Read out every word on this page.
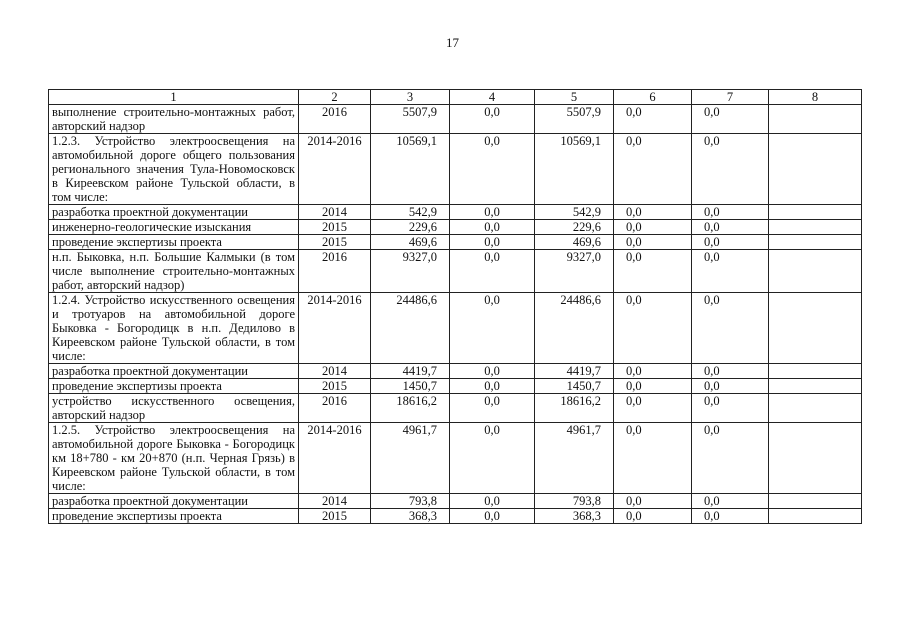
17
1	2	3	4	5	6	7	8
выполнение строительно-монтажных работ, авторский надзор	2016	5507,9	0,0	5507,9	0,0	0,0	
1.2.3. Устройство электроосвещения на автомобильной дороге общего пользования регионального значения Тула-Новомосковск в Киреевском районе Тульской области, в том числе:	2014-2016	10569,1	0,0	10569,1	0,0	0,0	
разработка проектной документации	2014	542,9	0,0	542,9	0,0	0,0	
инженерно-геологические изыскания	2015	229,6	0,0	229,6	0,0	0,0	
проведение экспертизы проекта	2015	469,6	0,0	469,6	0,0	0,0	
н.п. Быковка, н.п. Большие Калмыки (в том числе выполнение строительно-монтажных работ, авторский надзор)	2016	9327,0	0,0	9327,0	0,0	0,0	
1.2.4. Устройство искусственного освещения и тротуаров на автомобильной дороге Быковка - Богородицк в н.п. Дедилово в Киреевском районе Тульской области, в том числе:	2014-2016	24486,6	0,0	24486,6	0,0	0,0	
разработка проектной документации	2014	4419,7	0,0	4419,7	0,0	0,0	
проведение экспертизы проекта	2015	1450,7	0,0	1450,7	0,0	0,0	
устройство искусственного освещения, авторский надзор	2016	18616,2	0,0	18616,2	0,0	0,0	
1.2.5. Устройство электроосвещения на автомобильной дороге Быковка - Богородицк км 18+780 - км 20+870 (н.п. Черная Грязь) в Киреевском районе Тульской области, в том числе:	2014-2016	4961,7	0,0	4961,7	0,0	0,0	
разработка проектной документации	2014	793,8	0,0	793,8	0,0	0,0	
проведение экспертизы проекта	2015	368,3	0,0	368,3	0,0	0,0	
